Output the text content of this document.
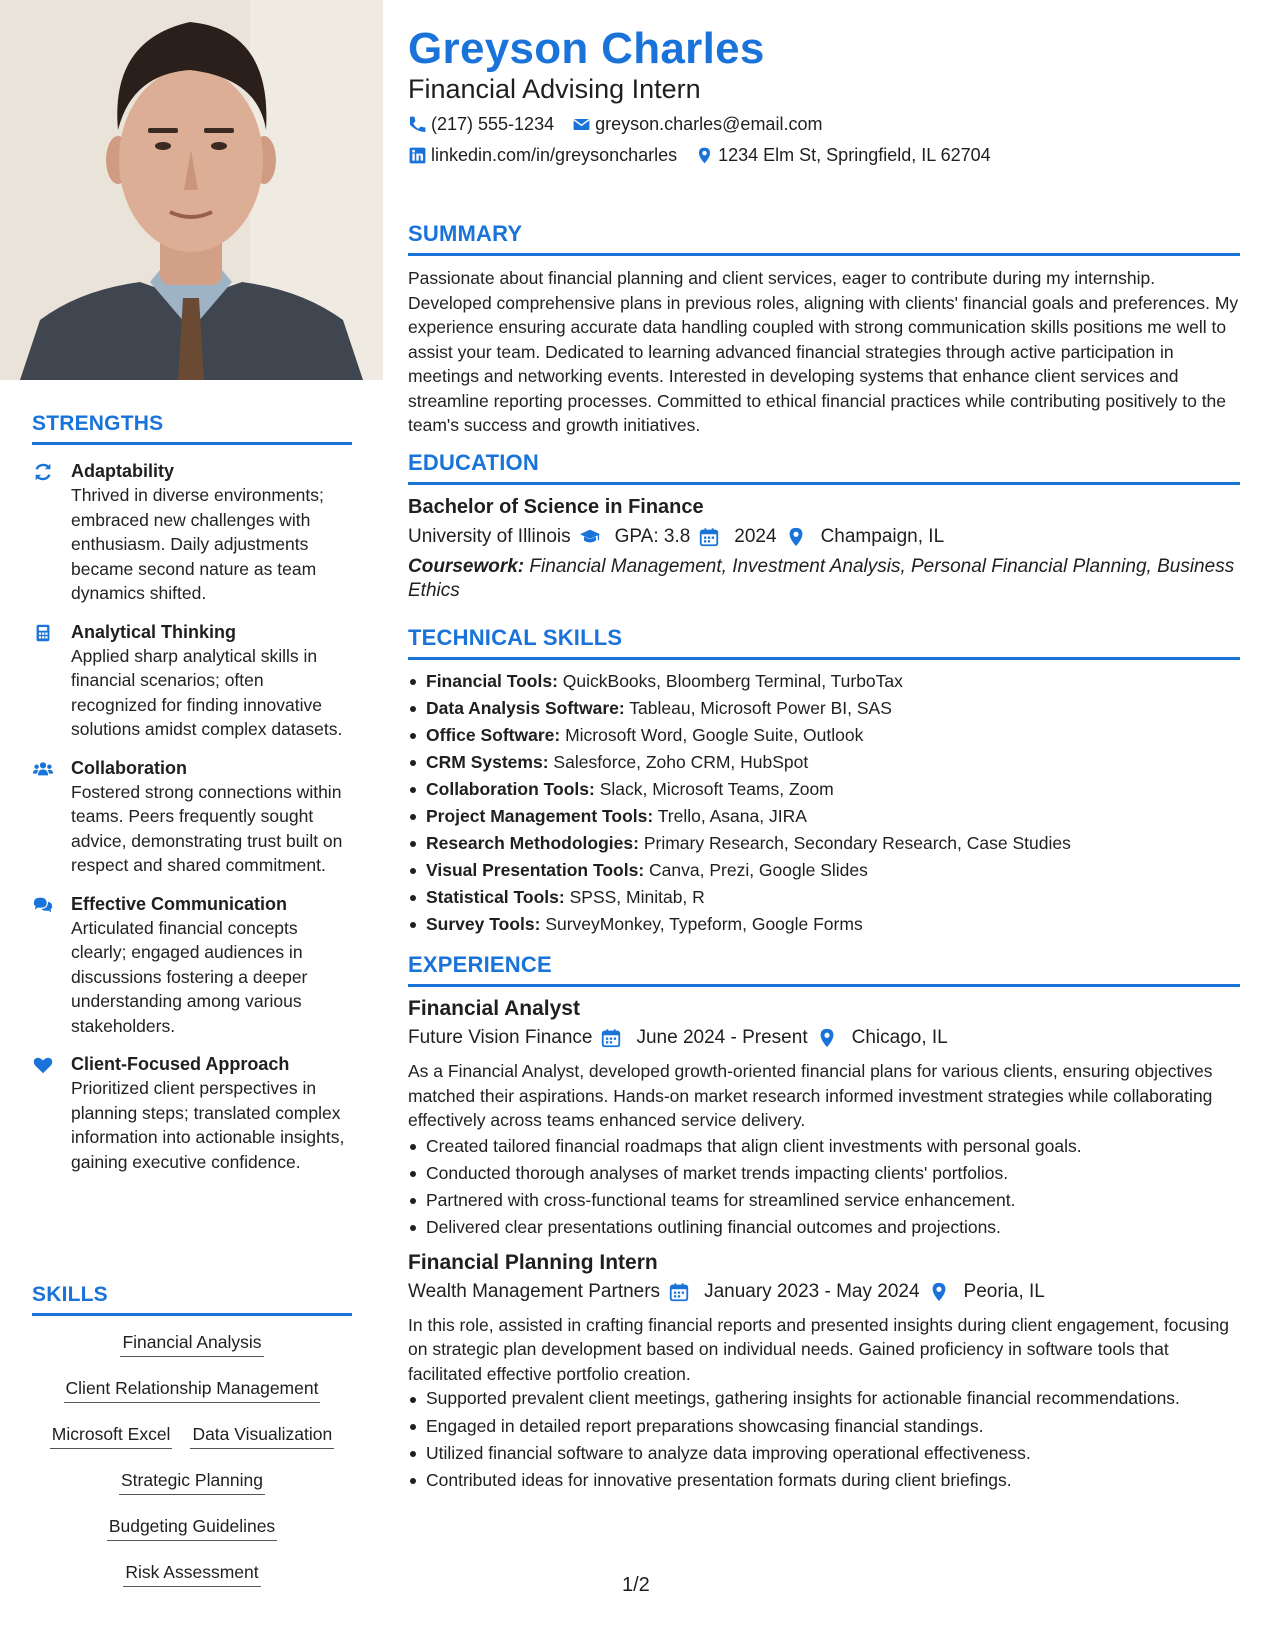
STRENGTHS
Adaptability
Thrived in diverse environments; embraced new challenges with enthusiasm. Daily adjustments became second nature as team dynamics shifted.
Analytical Thinking
Applied sharp analytical skills in financial scenarios; often recognized for finding innovative solutions amidst complex datasets.
Collaboration
Fostered strong connections within teams. Peers frequently sought advice, demonstrating trust built on respect and shared commitment.
Effective Communication
Articulated financial concepts clearly; engaged audiences in discussions fostering a deeper understanding among various stakeholders.
Client-Focused Approach
Prioritized client perspectives in planning steps; translated complex information into actionable insights, gaining executive confidence.
SKILLS
Financial Analysis
Client Relationship Management
Microsoft Excel Data Visualization
Strategic Planning
Budgeting Guidelines
Risk Assessment
Greyson Charles
Financial Advising Intern
(217) 555-1234 greyson.charles@email.com
linkedin.com/in/greysoncharles 1234 Elm St, Springfield, IL 62704
SUMMARY
Passionate about financial planning and client services, eager to contribute during my internship. Developed comprehensive plans in previous roles, aligning with clients' financial goals and preferences. My experience ensuring accurate data handling coupled with strong communication skills positions me well to assist your team. Dedicated to learning advanced financial strategies through active participation in meetings and networking events. Interested in developing systems that enhance client services and streamline reporting processes. Committed to ethical financial practices while contributing positively to the team's success and growth initiatives.
EDUCATION
Bachelor of Science in Finance
University of Illinois GPA: 3.8 2024 Champaign, IL
Coursework: Financial Management, Investment Analysis, Personal Financial Planning, Business Ethics
TECHNICAL SKILLS
Financial Tools: QuickBooks, Bloomberg Terminal, TurboTax
Data Analysis Software: Tableau, Microsoft Power BI, SAS
Office Software: Microsoft Word, Google Suite, Outlook
CRM Systems: Salesforce, Zoho CRM, HubSpot
Collaboration Tools: Slack, Microsoft Teams, Zoom
Project Management Tools: Trello, Asana, JIRA
Research Methodologies: Primary Research, Secondary Research, Case Studies
Visual Presentation Tools: Canva, Prezi, Google Slides
Statistical Tools: SPSS, Minitab, R
Survey Tools: SurveyMonkey, Typeform, Google Forms
EXPERIENCE
Financial Analyst
Future Vision Finance June 2024 - Present Chicago, IL
As a Financial Analyst, developed growth-oriented financial plans for various clients, ensuring objectives matched their aspirations. Hands-on market research informed investment strategies while collaborating effectively across teams enhanced service delivery.
Created tailored financial roadmaps that align client investments with personal goals.
Conducted thorough analyses of market trends impacting clients' portfolios.
Partnered with cross-functional teams for streamlined service enhancement.
Delivered clear presentations outlining financial outcomes and projections.
Financial Planning Intern
Wealth Management Partners January 2023 - May 2024 Peoria, IL
In this role, assisted in crafting financial reports and presented insights during client engagement, focusing on strategic plan development based on individual needs. Gained proficiency in software tools that facilitated effective portfolio creation.
Supported prevalent client meetings, gathering insights for actionable financial recommendations.
Engaged in detailed report preparations showcasing financial standings.
Utilized financial software to analyze data improving operational effectiveness.
Contributed ideas for innovative presentation formats during client briefings.
1/2
